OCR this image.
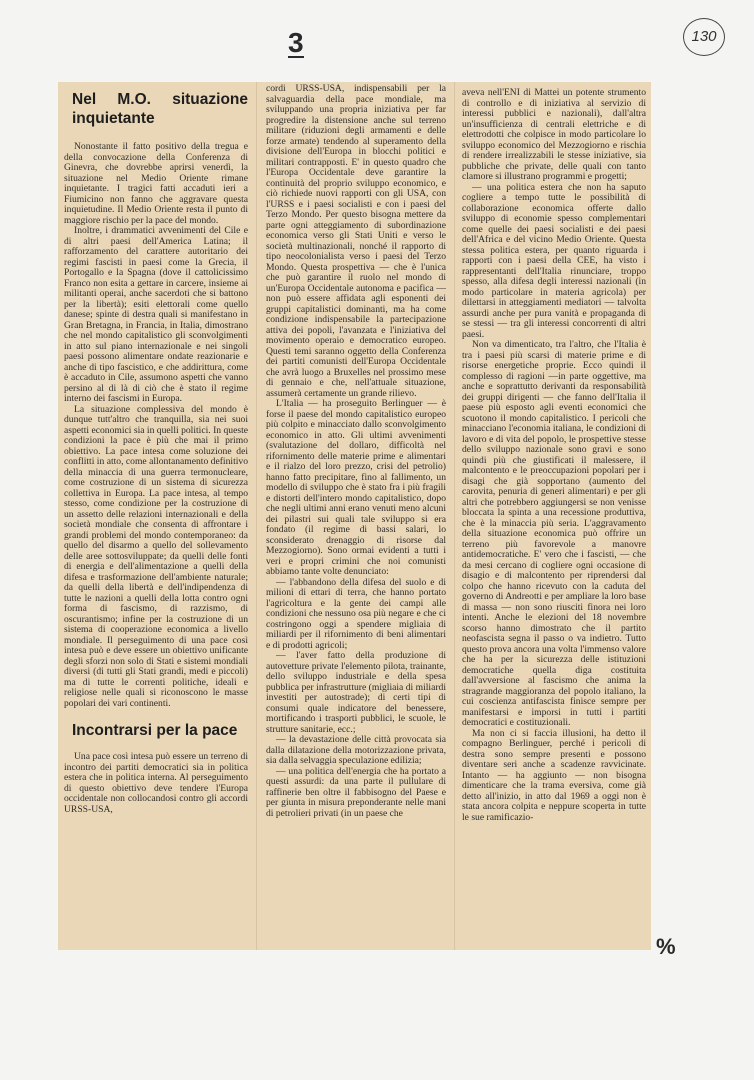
3	130
Nel M.O. situazione inquietante

Nonostante il fatto positivo della tregua e della convocazione della Conferenza di Ginevra, che dovrebbe aprirsi venerdì, la situazione nel Medio Oriente rimane inquietante. I tragici fatti accaduti ieri a Fiumicino non fanno che aggravare questa inquietudine. Il Medio Oriente resta il punto di maggiore rischio per la pace del mondo.

Inoltre, i drammatici avvenimenti del Cile e di altri paesi dell'America Latina; il rafforzamento del carattere autoritario dei regimi fascisti in paesi come la Grecia, il Portogallo e la Spagna (dove il cattolicissimo Franco non esita a gettare in carcere, insieme ai militanti operai, anche sacerdoti che si battono per la libertà); esiti elettorali come quello danese; spinte di destra quali si manifestano in Gran Bretagna, in Francia, in Italia, dimostrano che nel mondo capitalistico gli sconvolgimenti in atto sul piano internazionale e nei singoli paesi possono alimentare ondate reazionarie e anche di tipo fascistico, e che addirittura, come è accaduto in Cile, assumono aspetti che vanno persino al di là di ciò che è stato il regime interno dei fascismi in Europa.

La situazione complessiva del mondo è dunque tutt'altro che tranquilla, sia nei suoi aspetti economici sia in quelli politici. In queste condizioni la pace è più che mai il primo obiettivo. La pace intesa come soluzione dei conflitti in atto, come allontanamento definitivo della minaccia di una guerra termonucleare, come costruzione di un sistema di sicurezza collettiva in Europa. La pace intesa, al tempo stesso, come condizione per la costruzione di un assetto delle relazioni internazionali e della società mondiale che consenta di affrontare i grandi problemi del mondo contemporaneo: da quello del disarmo a quello del sollevamento delle aree sottosviluppate; da quelli delle fonti di energia e dell'alimentazione a quelli della difesa e trasformazione dell'ambiente naturale; da quelli della libertà e dell'indipendenza di tutte le nazioni a quelli della lotta contro ogni forma di fascismo, di razzismo, di oscurantismo; infine per la costruzione di un sistema di cooperazione economica a livello mondiale. Il perseguimento di una pace così intesa può e deve essere un obiettivo unificante degli sforzi non solo di Stati e sistemi mondiali diversi (di tutti gli Stati grandi, medi e piccoli) ma di tutte le correnti politiche, ideali e religiose nelle quali si riconoscono le masse popolari dei vari continenti.

Incontrarsi per la pace

Una pace così intesa può essere un terreno di incontro dei partiti democratici sia in politica estera che in politica interna. Al perseguimento di questo obiettivo deve tendere l'Europa occidentale non collocandosi contro gli accordi URSS-USA,

cordi URSS-USA, indispensabili per la salvaguardia della pace mondiale, ma sviluppando una propria iniziativa per far progredire la distensione anche sul terreno militare (riduzioni degli armamenti e delle forze armate) tendendo al superamento della divisione dell'Europa in blocchi politici e militari contrapposti. E' in questo quadro che l'Europa Occidentale deve garantire la continuità del proprio sviluppo economico, e ciò richiede nuovi rapporti con gli USA, con l'URSS e i paesi socialisti e con i paesi del Terzo Mondo. Per questo bisogna mettere da parte ogni atteggiamento di subordinazione economica verso gli Stati Uniti e verso le società multinazionali, nonché il rapporto di tipo neocolonialista verso i paesi del Terzo Mondo. Questa prospettiva — che è l'unica che può garantire il ruolo nel mondo di un'Europa Occidentale autonoma e pacifica — non può essere affidata agli esponenti dei gruppi capitalistici dominanti, ma ha come condizione indispensabile la partecipazione attiva dei popoli, l'avanzata e l'iniziativa del movimento operaio e democratico europeo. Questi temi saranno oggetto della Conferenza dei partiti comunisti dell'Europa Occidentale che avrà luogo a Bruxelles nel prossimo mese di gennaio e che, nell'attuale situazione, assumerà certamente un grande rilievo.

L'Italia — ha proseguito Berlinguer — è forse il paese del mondo capitalistico europeo più colpito e minacciato dallo sconvolgimento economico in atto. Gli ultimi avvenimenti (svalutazione del dollaro, difficoltà nel rifornimento delle materie prime e alimentari e il rialzo del loro prezzo, crisi del petrolio) hanno fatto precipitare, fino al fallimento, un modello di sviluppo che è stato fra i più fragili e distorti dell'intero mondo capitalistico, dopo che negli ultimi anni erano venuti meno alcuni dei pilastri sui quali tale sviluppo si era fondato (il regime di bassi salari, lo sconsiderato drenaggio di risorse dal Mezzogiorno). Sono ormai evidenti a tutti i veri e propri crimini che noi comunisti abbiamo tante volte denunciato:

— l'abbandono della difesa del suolo e di milioni di ettari di terra, che hanno portato l'agricoltura e la gente dei campi alle condizioni che nessuno osa più negare e che ci costringono oggi a spendere migliaia di miliardi per il rifornimento di beni alimentari e di prodotti agricoli;

— l'aver fatto della produzione di autovetture private l'elemento pilota, trainante, dello sviluppo industriale e della spesa pubblica per infrastrutture (migliaia di miliardi investiti per autostrade); di certi tipi di consumi quale indicatore del benessere, mortificando i trasporti pubblici, le scuole, le strutture sanitarie, ecc.;

— la devastazione delle città provocata sia dalla dilatazione della motorizzazione privata, sia dalla selvaggia speculazione edilizia;

— una politica dell'energia che ha portato a questi assurdi: da una parte il pullulare di raffinerie ben oltre il fabbisogno del Paese e per giunta in misura preponderante nelle mani di petrolieri privati (in un paese che

aveva nell'ENI di Mattei un potente strumento di controllo e di iniziativa al servizio di interessi pubblici e nazionali), dall'altra un'insufficienza di centrali elettriche e di elettrodotti che colpisce in modo particolare lo sviluppo economico del Mezzogiorno e rischia di rendere irrealizzabili le stesse iniziative, sia pubbliche che private, delle quali con tanto clamore si illustrano programmi e progetti;

— una politica estera che non ha saputo cogliere a tempo tutte le possibilità di collaborazione economica offerte dallo sviluppo di economie spesso complementari come quelle dei paesi socialisti e dei paesi dell'Africa e del vicino Medio Oriente. Questa stessa politica estera, per quanto riguarda i rapporti con i paesi della CEE, ha visto i rappresentanti dell'Italia rinunciare, troppo spesso, alla difesa degli interessi nazionali (in modo particolare in materia agricola) per dilettarsi in atteggiamenti mediatori — talvolta assurdi anche per pura vanità e propaganda di se stessi — tra gli interessi concorrenti di altri paesi.

Non va dimenticato, tra l'altro, che l'Italia è tra i paesi più scarsi di materie prime e di risorse energetiche proprie. Ecco quindi il complesso di ragioni —in parte oggettive, ma anche e soprattutto derivanti da responsabilità dei gruppi dirigenti — che fanno dell'Italia il paese più esposto agli eventi economici che scuotono il mondo capitalistico. I pericoli che minacciano l'economia italiana, le condizioni di lavoro e di vita del popolo, le prospettive stesse dello sviluppo nazionale sono gravi e sono quindi più che giustificati il malessere, il malcontento e le preoccupazioni popolari per i disagi che già sopportano (aumento del carovita, penuria di generi alimentari) e per gli altri che potrebbero aggiungersi se non venisse bloccata la spinta a una recessione produttiva, che è la minaccia più seria. L'aggravamento della situazione economica può offrire un terreno più favorevole a manovre antidemocratiche. E' vero che i fascisti, — che da mesi cercano di cogliere ogni occasione di disagio e di malcontento per riprendersi dal colpo che hanno ricevuto con la caduta del governo di Andreotti e per ampliare la loro base di massa — non sono riusciti finora nei loro intenti. Anche le elezioni del 18 novembre scorso hanno dimostrato che il partito neofascista segna il passo o va indietro. Tutto questo prova ancora una volta l'immenso valore che ha per la sicurezza delle istituzioni democratiche quella diga costituita dall'avversione al fascismo che anima la stragrande maggioranza del popolo italiano, la cui coscienza antifascista finisce sempre per manifestarsi e imporsi in tutti i partiti democratici e costituzionali.

Ma non ci si faccia illusioni, ha detto il compagno Berlinguer, perché i pericoli di destra sono sempre presenti e possono diventare seri anche a scadenze ravvicinate. Intanto — ha aggiunto — non bisogna dimenticare che la trama eversiva, come già detto all'inizio, in atto dal 1969 a oggi non è stata ancora colpita e neppure scoperta in tutte le sue ramificazio-

%
